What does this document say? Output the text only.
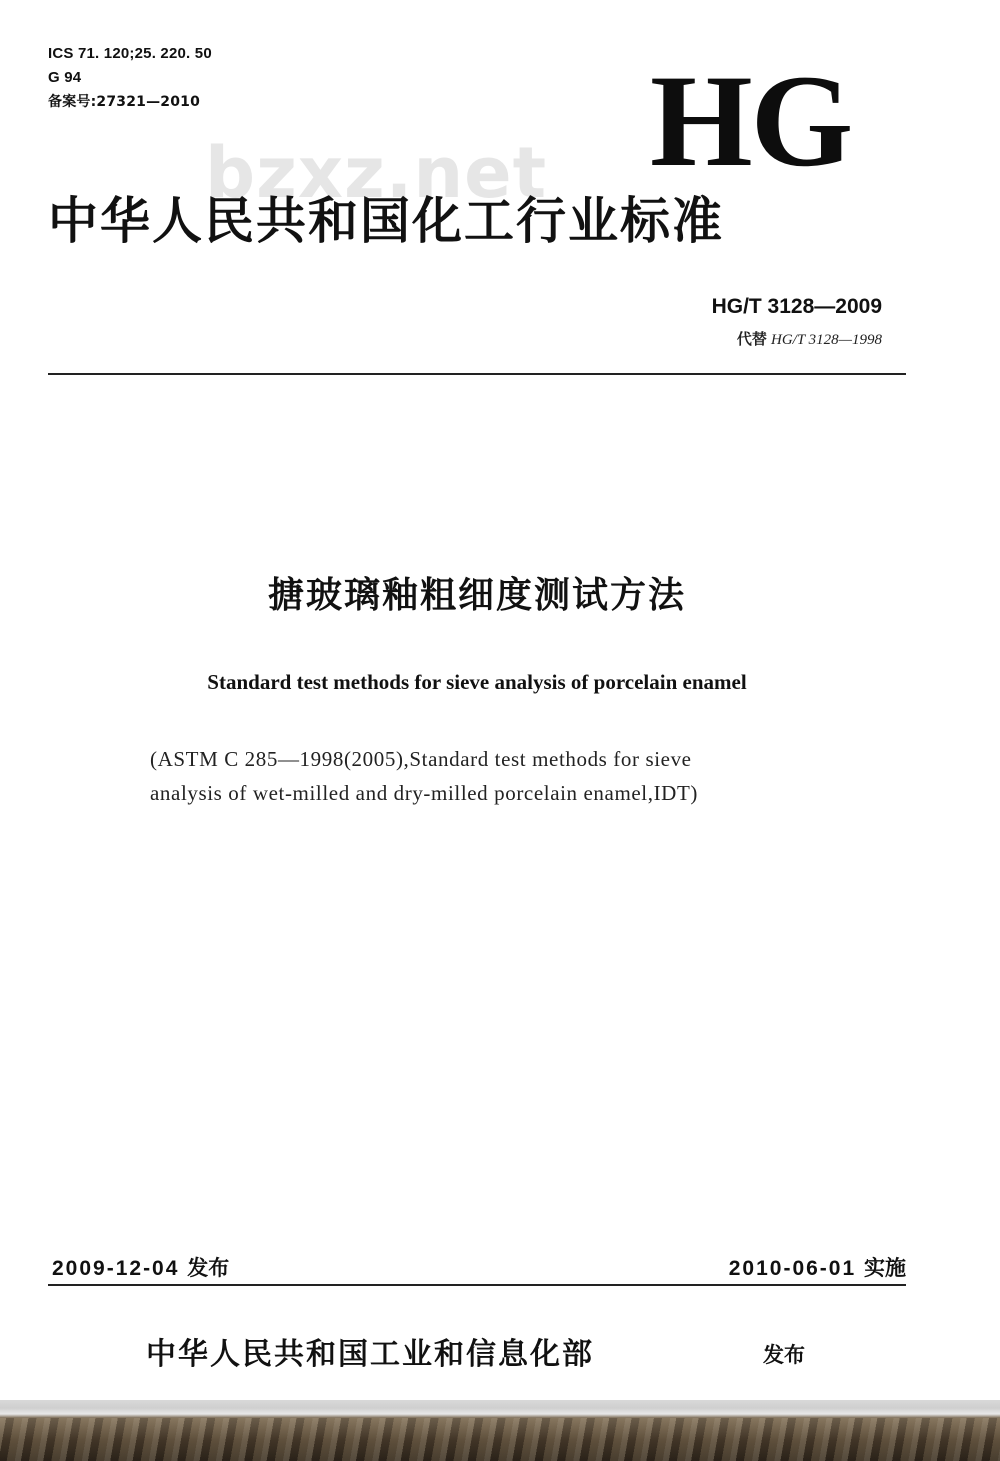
ICS 71. 120;25. 220. 50
G 94
备案号:27321—2010	HG
bzxz.net
中华人民共和国化工行业标准
HG/T 3128—2009
代替 HG/T 3128—1998
搪玻璃釉粗细度测试方法
Standard test methods for sieve analysis of porcelain enamel
(ASTM C 285—1998(2005),Standard test methods for sieve
analysis of wet-milled and dry-milled porcelain enamel,IDT)
2009-12-04 发布	2010-06-01 实施
中华人民共和国工业和信息化部	发布
